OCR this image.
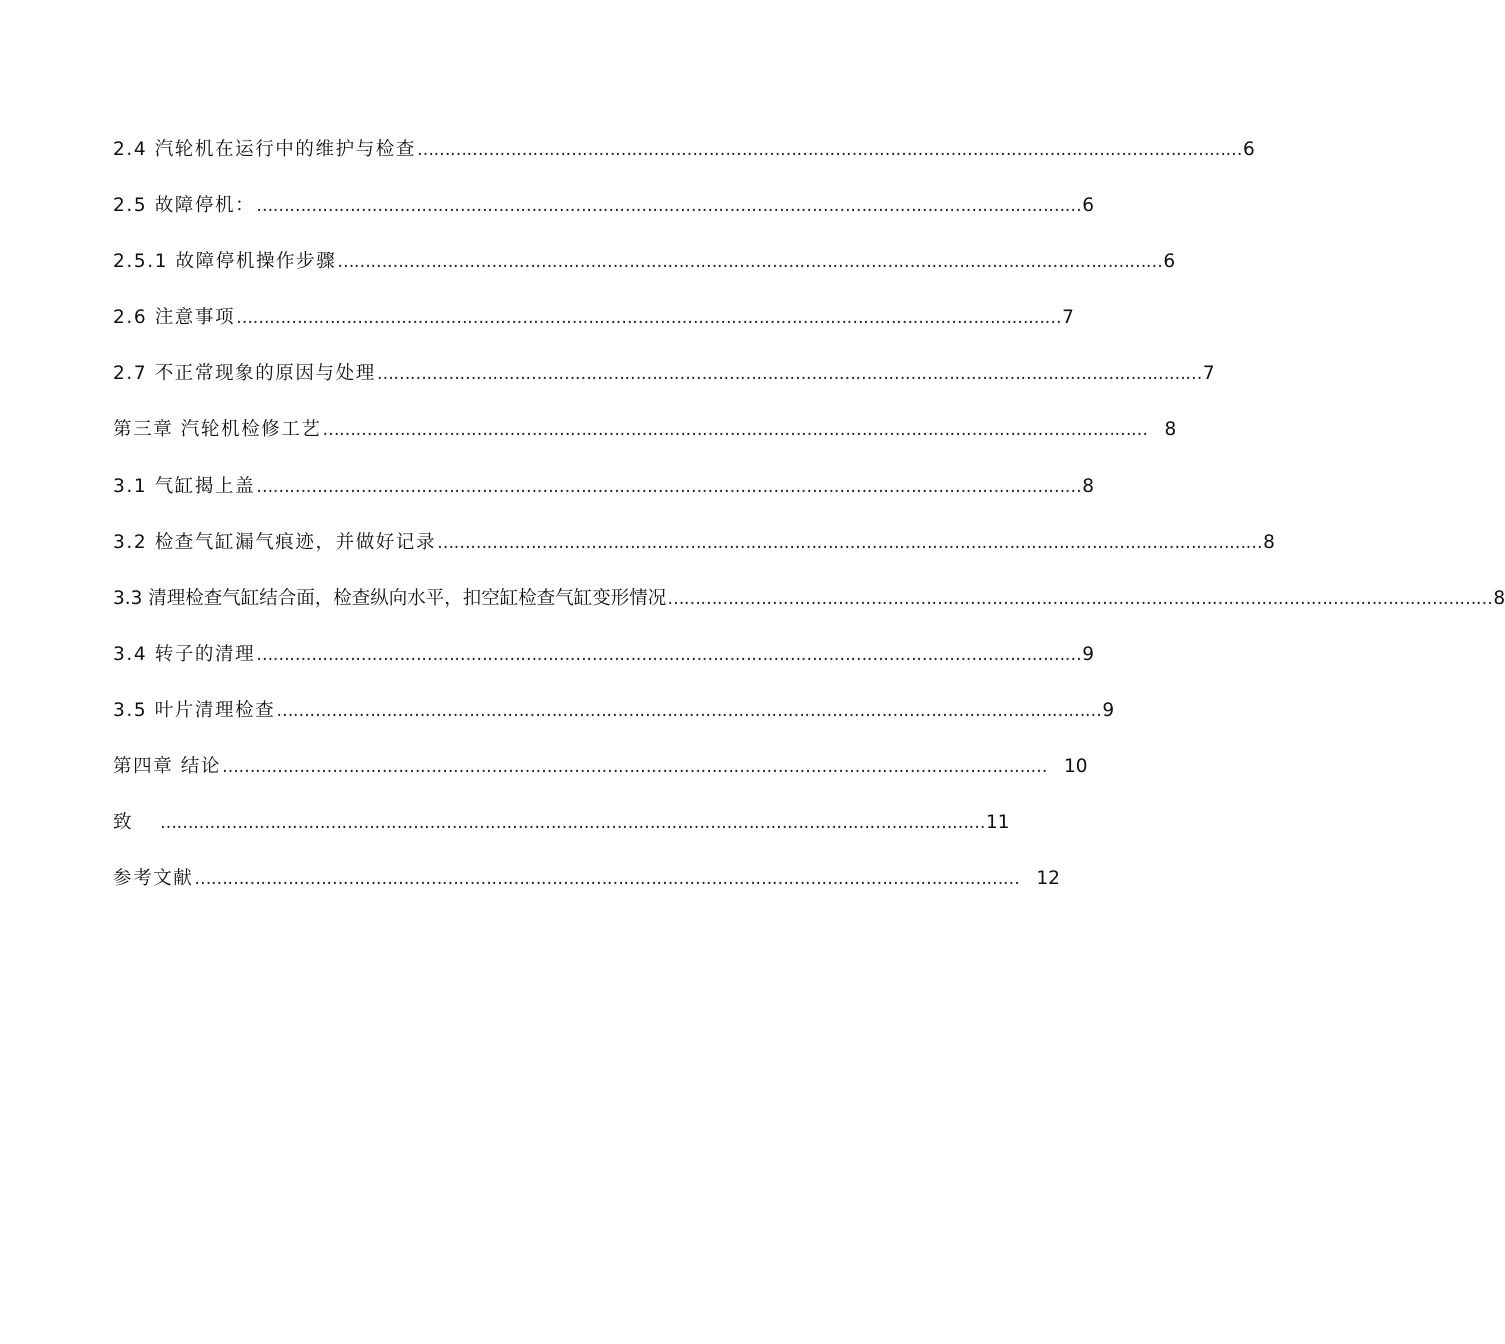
2.4 汽轮机在运行中的维护与检查 …………………………………………………………………………………………………………………………………… 6
2.5 故障停机： …………………………………………………………………………………………………………………………………… 6
2.5.1 故障停机操作步骤 …………………………………………………………………………………………………………………………………… 6
2.6 注意事项 …………………………………………………………………………………………………………………………………… 7
2.7 不正常现象的原因与处理 …………………………………………………………………………………………………………………………………… 7
第三章 汽轮机检修工艺 …………………………………………………………………………………………………………………………………… 8
3.1 气缸揭上盖 …………………………………………………………………………………………………………………………………… 8
3.2 检查气缸漏气痕迹，并做好记录 …………………………………………………………………………………………………………………………………… 8
3.3 清理检查气缸结合面，检查纵向水平，扣空缸检查气缸变形情况 …………………………………………………………………………………………………………………………………… 8
3.4 转子的清理 …………………………………………………………………………………………………………………………………… 9
3.5 叶片清理检查 …………………………………………………………………………………………………………………………………… 9
第四章 结论 …………………………………………………………………………………………………………………………………… 10
致　 …………………………………………………………………………………………………………………………………… 11
参考文献 …………………………………………………………………………………………………………………………………… 12
